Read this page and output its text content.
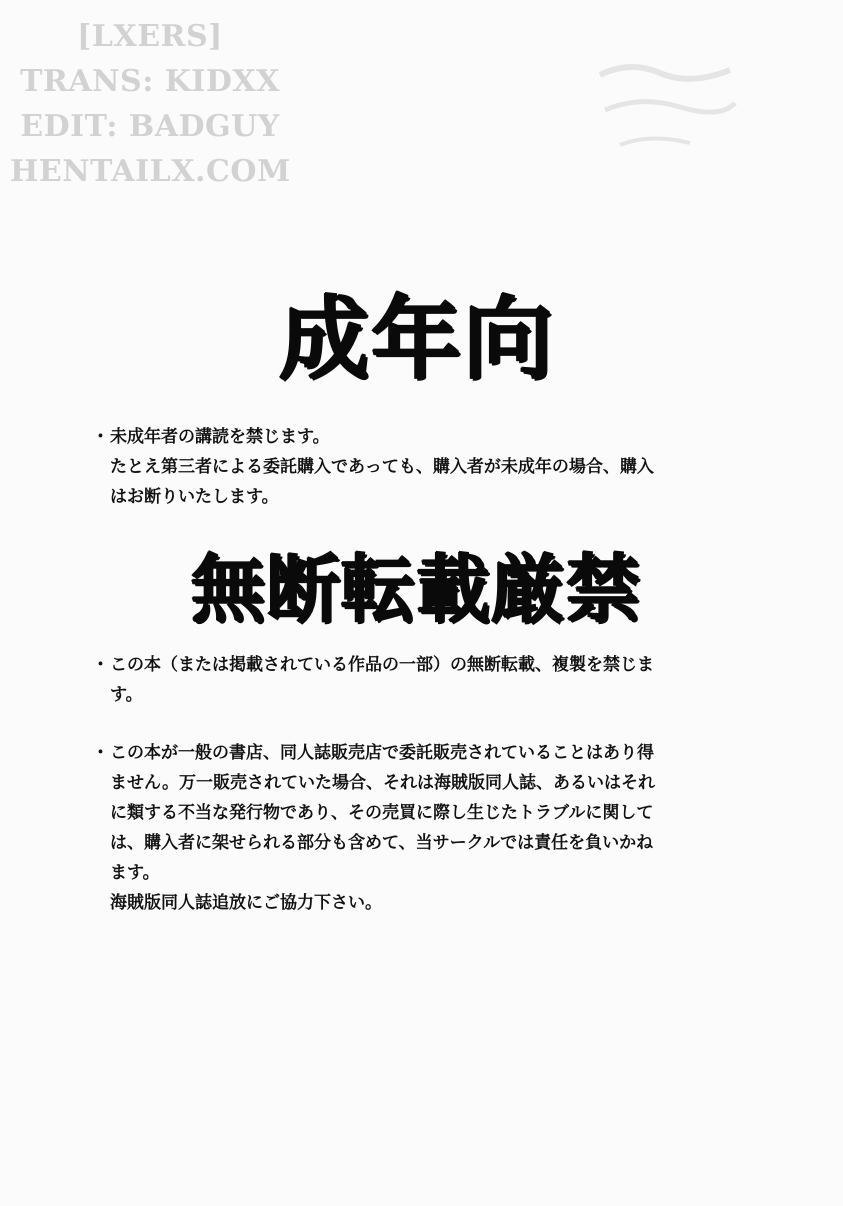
[LXERS]
TRANS: KIDXX
EDIT: BADGUY
HENTAILX.COM
成年向
・未成年者の講読を禁じます。
たとえ第三者による委託購入であっても、購入者が未成年の場合、購入
はお断りいたします。
無断転載厳禁
・この本（または掲載されている作品の一部）の無断転載、複製を禁じま
す。
・この本が一般の書店、同人誌販売店で委託販売されていることはあり得
ません。万一販売されていた場合、それは海賊版同人誌、あるいはそれ
に類する不当な発行物であり、その売買に際し生じたトラブルに関して
は、購入者に架せられる部分も含めて、当サークルでは責任を負いかね
ます。
海賊版同人誌追放にご協力下さい。
